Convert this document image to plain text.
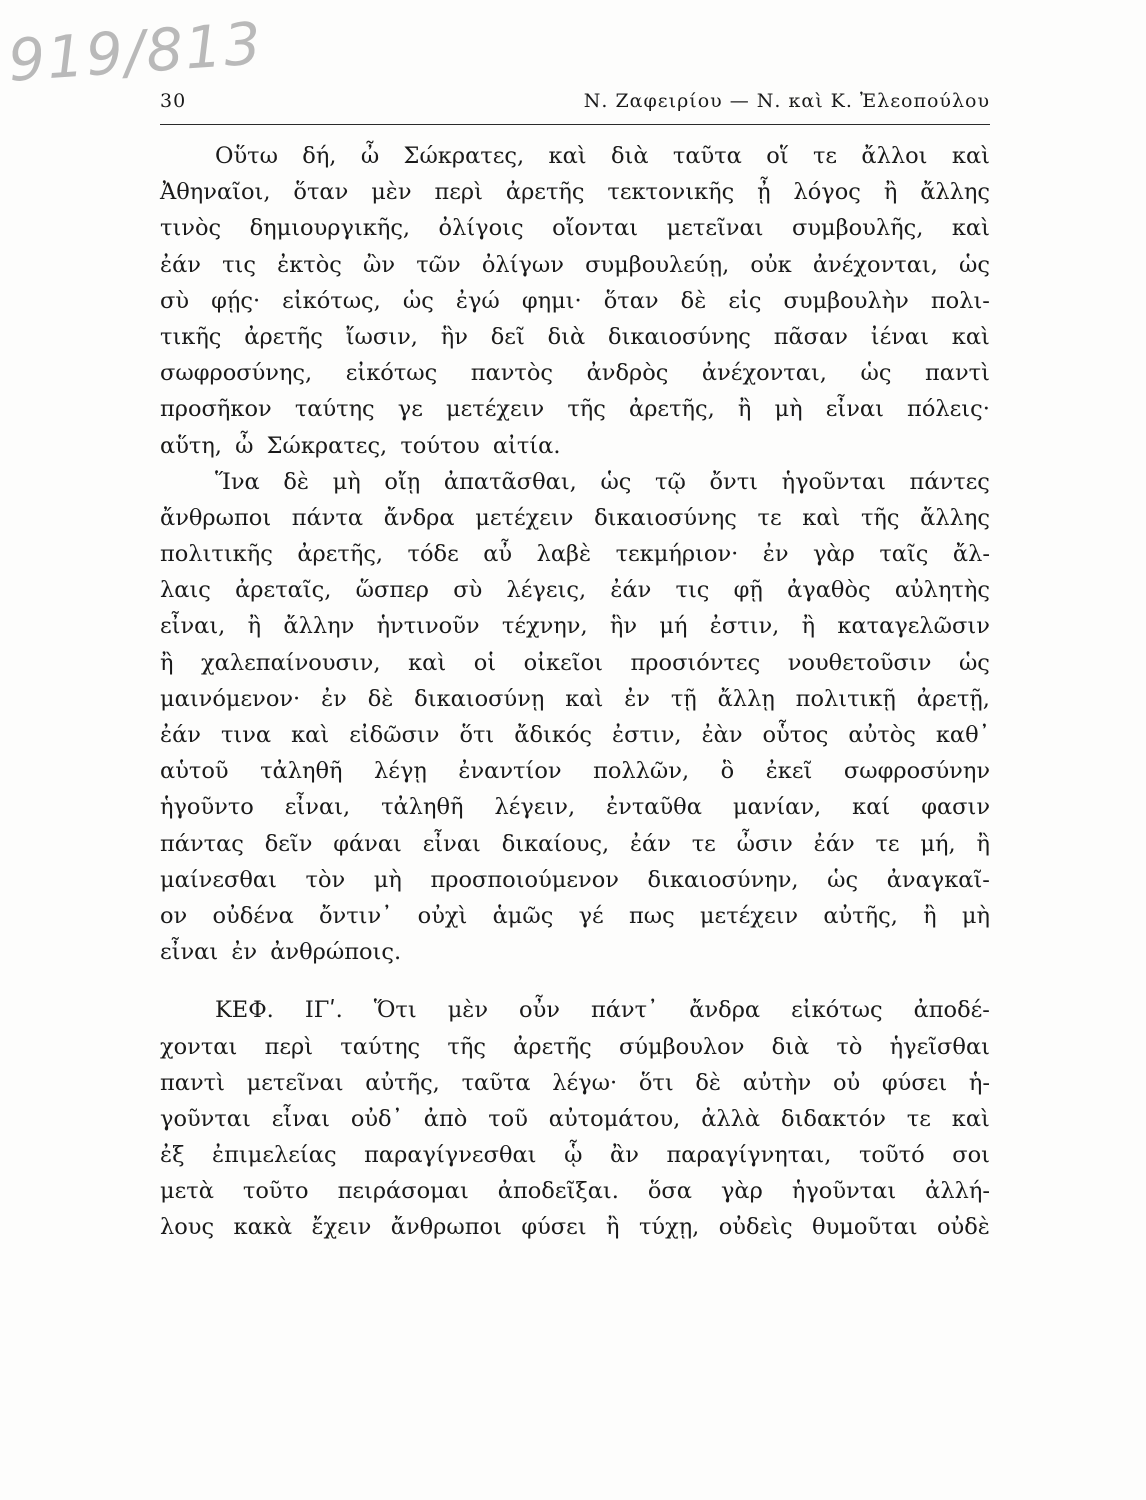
919/813
30	Ν. Ζαφειρίου — Ν. καὶ Κ. Ἐλεοπούλου
Οὕτω δή, ὦ Σώκρατες, καὶ διὰ ταῦτα οἵ τε ἄλλοι καὶ
Ἀθηναῖοι, ὅταν μὲν περὶ ἀρετῆς τεκτονικῆς ᾖ λόγος ἢ ἄλλης
τινὸς δημιουργικῆς, ὀλίγοις οἴονται μετεῖναι συμβουλῆς, καὶ
ἐάν τις ἐκτὸς ὢν τῶν ὀλίγων συμβουλεύῃ, οὐκ ἀνέχονται, ὡς
σὺ φῄς· εἰκότως, ὡς ἐγώ φημι· ὅταν δὲ εἰς συμβουλὴν πολι-
τικῆς ἀρετῆς ἴωσιν, ἣν δεῖ διὰ δικαιοσύνης πᾶσαν ἰέναι καὶ
σωφροσύνης, εἰκότως παντὸς ἀνδρὸς ἀνέχονται, ὡς παντὶ
προσῆκον ταύτης γε μετέχειν τῆς ἀρετῆς, ἢ μὴ εἶναι πόλεις·
αὕτη, ὦ Σώκρατες, τούτου αἰτία.
Ἵνα δὲ μὴ οἴῃ ἀπατᾶσθαι, ὡς τῷ ὄντι ἡγοῦνται πάντες
ἄνθρωποι πάντα ἄνδρα μετέχειν δικαιοσύνης τε καὶ τῆς ἄλλης
πολιτικῆς ἀρετῆς, τόδε αὖ λαβὲ τεκμήριον· ἐν γὰρ ταῖς ἄλ-
λαις ἀρεταῖς, ὥσπερ σὺ λέγεις, ἐάν τις φῇ ἀγαθὸς αὐλητὴς
εἶναι, ἢ ἄλλην ἡντινοῦν τέχνην, ἣν μή ἐστιν, ἢ καταγελῶσιν
ἢ χαλεπαίνουσιν, καὶ οἱ οἰκεῖοι προσιόντες νουθετοῦσιν ὡς
μαινόμενον· ἐν δὲ δικαιοσύνῃ καὶ ἐν τῇ ἄλλῃ πολιτικῇ ἀρετῇ,
ἐάν τινα καὶ εἰδῶσιν ὅτι ἄδικός ἐστιν, ἐὰν οὗτος αὐτὸς καθ᾽
αὑτοῦ τἀληθῆ λέγῃ ἐναντίον πολλῶν, ὃ ἐκεῖ σωφροσύνην
ἡγοῦντο εἶναι, τἀληθῆ λέγειν, ἐνταῦθα μανίαν, καί φασιν
πάντας δεῖν φάναι εἶναι δικαίους, ἐάν τε ὦσιν ἐάν τε μή, ἢ
μαίνεσθαι τὸν μὴ προσποιούμενον δικαιοσύνην, ὡς ἀναγκαῖ-
ον οὐδένα ὄντιν᾽ οὐχὶ ἁμῶς γέ πως μετέχειν αὐτῆς, ἢ μὴ
εἶναι ἐν ἀνθρώποις.
ΚΕΦ. ΙΓʹ. Ὅτι μὲν οὖν πάντ᾽ ἄνδρα εἰκότως ἀποδέ-
χονται περὶ ταύτης τῆς ἀρετῆς σύμβουλον διὰ τὸ ἡγεῖσθαι
παντὶ μετεῖναι αὐτῆς, ταῦτα λέγω· ὅτι δὲ αὐτὴν οὐ φύσει ἡ-
γοῦνται εἶναι οὐδ᾽ ἀπὸ τοῦ αὐτομάτου, ἀλλὰ διδακτόν τε καὶ
ἐξ ἐπιμελείας παραγίγνεσθαι ᾧ ἂν παραγίγνηται, τοῦτό σοι
μετὰ τοῦτο πειράσομαι ἀποδεῖξαι. ὅσα γὰρ ἡγοῦνται ἀλλή-
λους κακὰ ἔχειν ἄνθρωποι φύσει ἢ τύχῃ, οὐδεὶς θυμοῦται οὐδὲ
